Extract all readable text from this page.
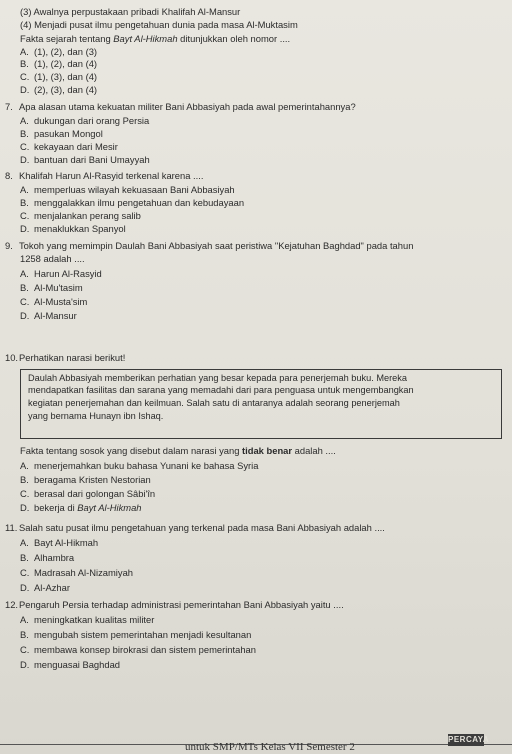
(3) Awalnya perpustakaan pribadi Khalifah Al-Mansur
(4) Menjadi pusat ilmu pengetahuan dunia pada masa Al-Muktasim
Fakta sejarah tentang Bayt Al-Hikmah ditunjukkan oleh nomor ....
A. (1), (2), dan (3)
B. (1), (2), dan (4)
C. (1), (3), dan (4)
D. (2), (3), dan (4)
7. Apa alasan utama kekuatan militer Bani Abbasiyah pada awal pemerintahannya?
A. dukungan dari orang Persia
B. pasukan Mongol
C. kekayaan dari Mesir
D. bantuan dari Bani Umayyah
8. Khalifah Harun Al-Rasyid terkenal karena ....
A. memperluas wilayah kekuasaan Bani Abbasiyah
B. menggalakkan ilmu pengetahuan dan kebudayaan
C. menjalankan perang salib
D. menaklukkan Spanyol
9. Tokoh yang memimpin Daulah Bani Abbasiyah saat peristiwa "Kejatuhan Baghdad" pada tahun
1258 adalah ....
A. Harun Al-Rasyid
B. Al-Mu'tasim
C. Al-Musta'sim
D. Al-Mansur
10.Perhatikan narasi berikut!
Daulah Abbasiyah memberikan perhatian yang besar kepada para penerjemah buku. Mereka
mendapatkan fasilitas dan sarana yang memadahi dari para penguasa untuk mengembangkan
kegiatan penerjemahan dan keilmuan. Salah satu di antaranya adalah seorang penerjemah
yang bernama Hunayn ibn Ishaq.
Fakta tentang sosok yang disebut dalam narasi yang tidak benar adalah ....
A. menerjemahkan buku bahasa Yunani ke bahasa Syria
B. beragama Kristen Nestorian
C. berasal dari golongan Sâbi'în
D. bekerja di Bayt Al-Hikmah
11. Salah satu pusat ilmu pengetahuan yang terkenal pada masa Bani Abbasiyah adalah ....
A. Bayt Al-Hikmah
B. Alhambra
C. Madrasah Al-Nizamiyah
D. Al-Azhar
12.Pengaruh Persia terhadap administrasi pemerintahan Bani Abbasiyah yaitu ....
A. meningkatkan kualitas militer
B. mengubah sistem pemerintahan menjadi kesultanan
C. membawa konsep birokrasi dan sistem pemerintahan
D. menguasai Baghdad
untuk SMP/MTs Kelas VII Semester 2
PERCAYA
